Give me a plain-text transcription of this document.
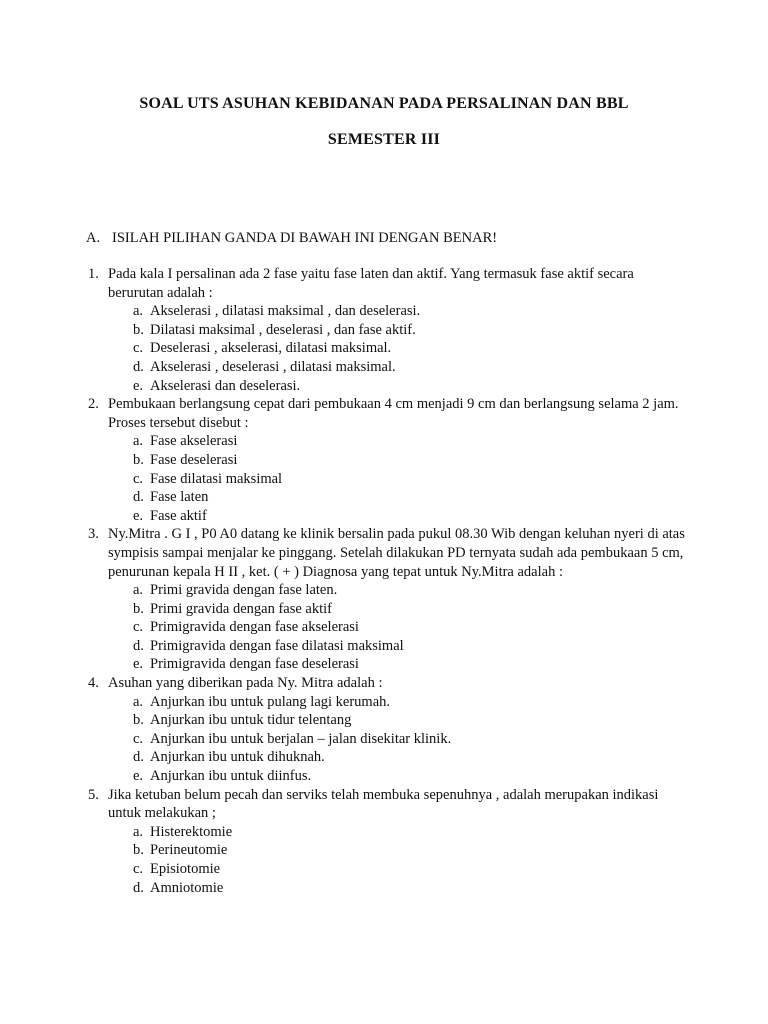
SOAL UTS ASUHAN KEBIDANAN PADA PERSALINAN DAN BBL
SEMESTER III
A. ISILAH PILIHAN GANDA DI BAWAH INI DENGAN BENAR!
1. Pada kala I persalinan ada 2 fase yaitu fase laten dan aktif. Yang termasuk fase aktif secara berurutan adalah :
a. Akselerasi , dilatasi maksimal , dan deselerasi.
b. Dilatasi maksimal , deselerasi , dan fase aktif.
c. Deselerasi , akselerasi, dilatasi maksimal.
d. Akselerasi , deselerasi , dilatasi maksimal.
e. Akselerasi dan deselerasi.
2. Pembukaan berlangsung cepat dari pembukaan 4 cm menjadi 9 cm dan berlangsung selama 2 jam. Proses tersebut disebut :
a. Fase akselerasi
b. Fase deselerasi
c. Fase dilatasi maksimal
d. Fase laten
e. Fase aktif
3. Ny.Mitra . G I , P0 A0 datang ke klinik bersalin pada pukul 08.30 Wib dengan keluhan nyeri di atas sympisis sampai menjalar ke pinggang. Setelah dilakukan PD ternyata sudah ada pembukaan 5 cm, penurunan kepala H II , ket. ( + ) Diagnosa yang tepat untuk Ny.Mitra adalah :
a. Primi gravida dengan fase laten.
b. Primi gravida dengan fase aktif
c. Primigravida dengan fase akselerasi
d. Primigravida dengan fase dilatasi maksimal
e. Primigravida dengan fase deselerasi
4. Asuhan yang diberikan pada Ny. Mitra adalah :
a. Anjurkan ibu untuk pulang lagi kerumah.
b. Anjurkan ibu untuk tidur telentang
c. Anjurkan ibu untuk berjalan – jalan disekitar klinik.
d. Anjurkan ibu untuk dihuknah.
e. Anjurkan ibu untuk diinfus.
5. Jika ketuban belum pecah dan serviks telah membuka sepenuhnya , adalah merupakan indikasi untuk melakukan ;
a. Histerektomie
b. Perineutomie
c. Episiotomie
d. Amniotomie
